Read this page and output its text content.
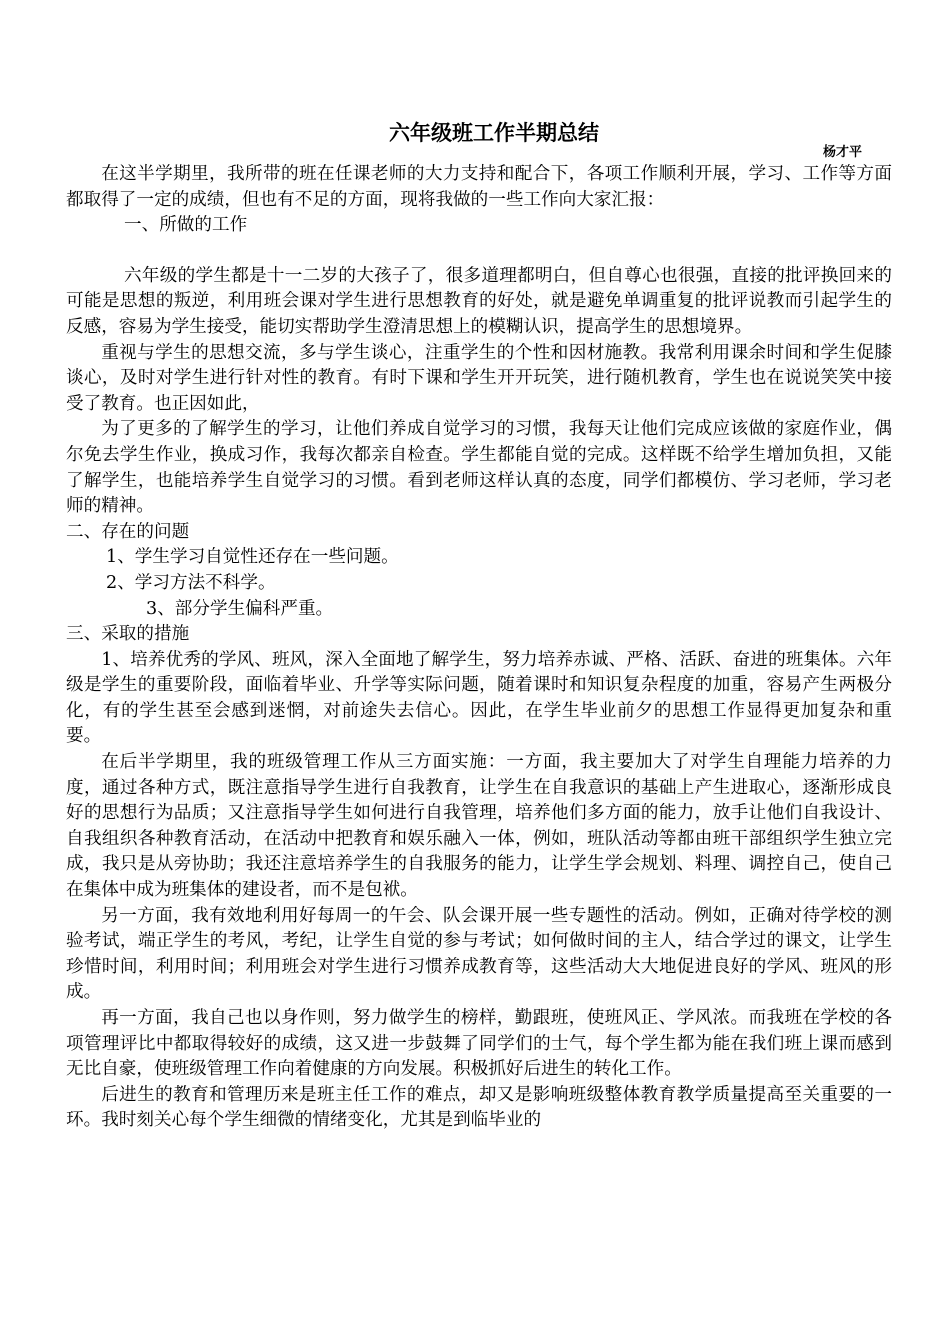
六年级班工作半期总结
杨才平

在这半学期里，我所带的班在任课老师的大力支持和配合下，各项工作顺利开展，学习、工作等方面都取得了一定的成绩，但也有不足的方面，现将我做的一些工作向大家汇报：

一、所做的工作

六年级的学生都是十一二岁的大孩子了，很多道理都明白，但自尊心也很强，直接的批评换回来的可能是思想的叛逆，利用班会课对学生进行思想教育的好处，就是避免单调重复的批评说教而引起学生的反感，容易为学生接受，能切实帮助学生澄清思想上的模糊认识，提高学生的思想境界。

重视与学生的思想交流，多与学生谈心，注重学生的个性和因材施教。我常利用课余时间和学生促膝谈心，及时对学生进行针对性的教育。有时下课和学生开开玩笑，进行随机教育，学生也在说说笑笑中接受了教育。也正因如此，

为了更多的了解学生的学习，让他们养成自觉学习的习惯，我每天让他们完成应该做的家庭作业，偶尔免去学生作业，换成习作，我每次都亲自检查。学生都能自觉的完成。这样既不给学生增加负担，又能了解学生，也能培养学生自觉学习的习惯。看到老师这样认真的态度，同学们都模仿、学习老师，学习老师的精神。

二、存在的问题

1、学生学习自觉性还存在一些问题。

2、学习方法不科学。

3、部分学生偏科严重。

三、采取的措施

1、培养优秀的学风、班风，深入全面地了解学生，努力培养赤诚、严格、活跃、奋进的班集体。六年级是学生的重要阶段，面临着毕业、升学等实际问题，随着课时和知识复杂程度的加重，容易产生两极分化，有的学生甚至会感到迷惘，对前途失去信心。因此，在学生毕业前夕的思想工作显得更加复杂和重要。

在后半学期里，我的班级管理工作从三方面实施：一方面，我主要加大了对学生自理能力培养的力度，通过各种方式，既注意指导学生进行自我教育，让学生在自我意识的基础上产生进取心，逐渐形成良好的思想行为品质；又注意指导学生如何进行自我管理，培养他们多方面的能力，放手让他们自我设计、自我组织各种教育活动，在活动中把教育和娱乐融入一体，例如，班队活动等都由班干部组织学生独立完成，我只是从旁协助；我还注意培养学生的自我服务的能力，让学生学会规划、料理、调控自己，使自己在集体中成为班集体的建设者，而不是包袱。

另一方面，我有效地利用好每周一的午会、队会课开展一些专题性的活动。例如，正确对待学校的测验考试，端正学生的考风，考纪，让学生自觉的参与考试；如何做时间的主人，结合学过的课文，让学生珍惜时间，利用时间；利用班会对学生进行习惯养成教育等，这些活动大大地促进良好的学风、班风的形成。

再一方面，我自己也以身作则，努力做学生的榜样，勤跟班，使班风正、学风浓。而我班在学校的各项管理评比中都取得较好的成绩，这又进一步鼓舞了同学们的士气，每个学生都为能在我们班上课而感到无比自豪，使班级管理工作向着健康的方向发展。积极抓好后进生的转化工作。

后进生的教育和管理历来是班主任工作的难点，却又是影响班级整体教育教学质量提高至关重要的一环。我时刻关心每个学生细微的情绪变化，尤其是到临毕业的
